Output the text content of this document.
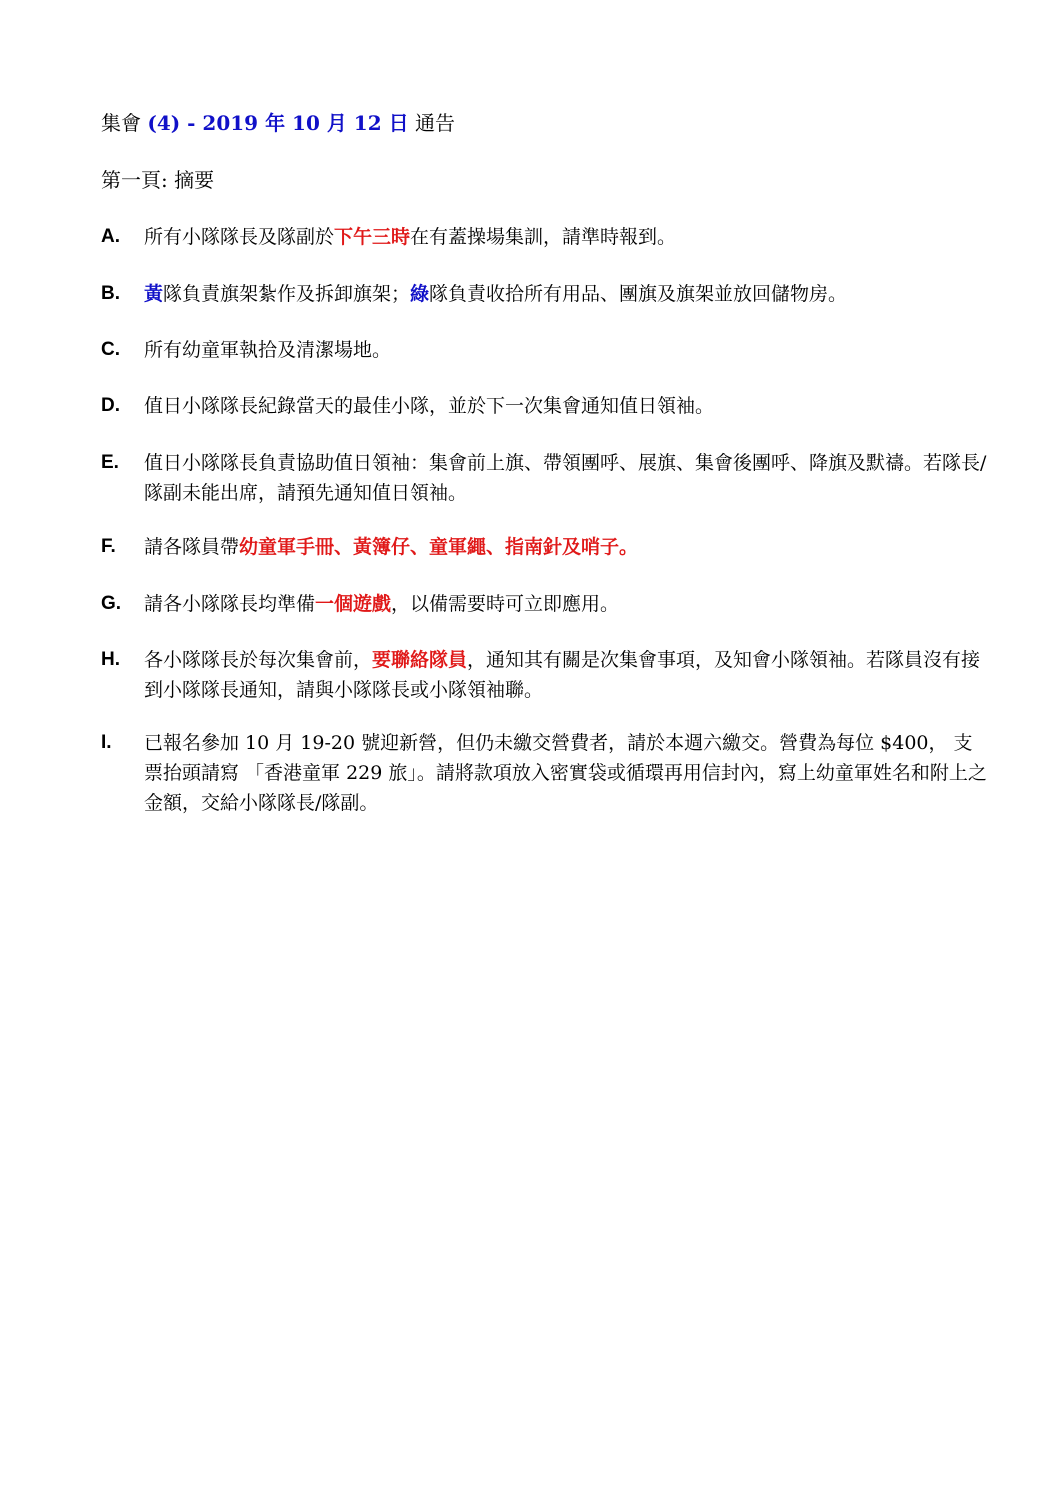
集會 (4) - 2019 年 10 月 12 日 通告
第一頁: 摘要
A. 所有小隊隊長及隊副於下午三時在有蓋操場集訓，請準時報到。
B. 黃隊負責旗架紮作及拆卸旗架；綠隊負責收拾所有用品、團旗及旗架並放回儲物房。
C. 所有幼童軍執拾及清潔場地。
D. 值日小隊隊長紀錄當天的最佳小隊，並於下一次集會通知值日領袖。
E. 值日小隊隊長負責協助值日領袖：集會前上旗、帶領團呼、展旗、集會後團呼、降旗及默禱。若隊長/隊副未能出席，請預先通知值日領袖。
F. 請各隊員帶幼童軍手冊、黃簿仔、童軍繩、指南針及哨子。
G. 請各小隊隊長均準備一個遊戲，以備需要時可立即應用。
H. 各小隊隊長於每次集會前，要聯絡隊員，通知其有關是次集會事項，及知會小隊領袖。若隊員沒有接到小隊隊長通知，請與小隊隊長或小隊領袖聯。
I. 已報名參加 10 月 19-20 號迎新營，但仍未繳交營費者，請於本週六繳交。營費為每位 $400， 支票抬頭請寫 「香港童軍 229 旅」。請將款項放入密實袋或循環再用信封內，寫上幼童軍姓名和附上之金額，交給小隊隊長/隊副。
